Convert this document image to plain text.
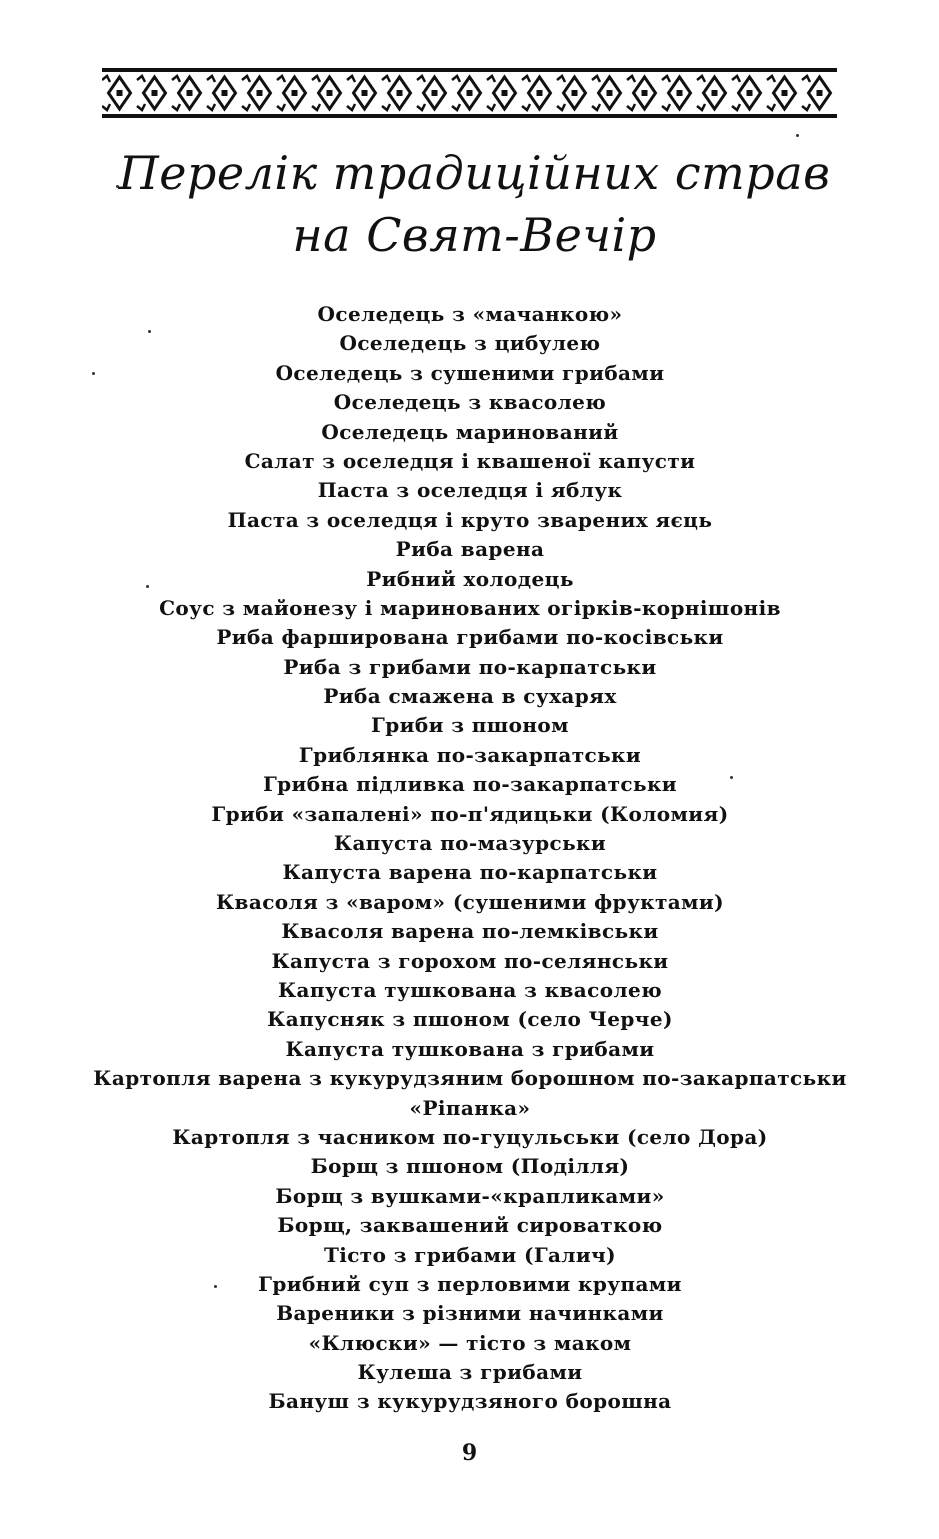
Перелік традиційних страв
на Свят-Вечір
Оселедець з «мачанкою»
Оселедець з цибулею
Оселедець з сушеними грибами
Оселедець з квасолею
Оселедець маринований
Салат з оселедця і квашеної капусти
Паста з оселедця і яблук
Паста з оселедця і круто зварених яєць
Риба варена
Рибний холодець
Соус з майонезу і маринованих огірків-корнішонів
Риба фарширована грибами по-косівськи
Риба з грибами по-карпатськи
Риба смажена в сухарях
Гриби з пшоном
Гриблянка по-закарпатськи
Грибна підливка по-закарпатськи
Гриби «запалені» по-п'ядицьки (Коломия)
Капуста по-мазурськи
Капуста варена по-карпатськи
Квасоля з «варом» (сушеними фруктами)
Квасоля варена по-лемківськи
Капуста з горохом по-селянськи
Капуста тушкована з квасолею
Капусняк з пшоном (село Черче)
Капуста тушкована з грибами
Картопля варена з кукурудзяним борошном по-закарпатськи
«Ріпанка»
Картопля з часником по-гуцульськи (село Дора)
Борщ з пшоном (Поділля)
Борщ з вушками-«крапликами»
Борщ, заквашений сироваткою
Тісто з грибами (Галич)
Грибний суп з перловими крупами
Вареники з різними начинками
«Клюски» — тісто з маком
Кулеша з грибами
Бануш з кукурудзяного борошна
9
